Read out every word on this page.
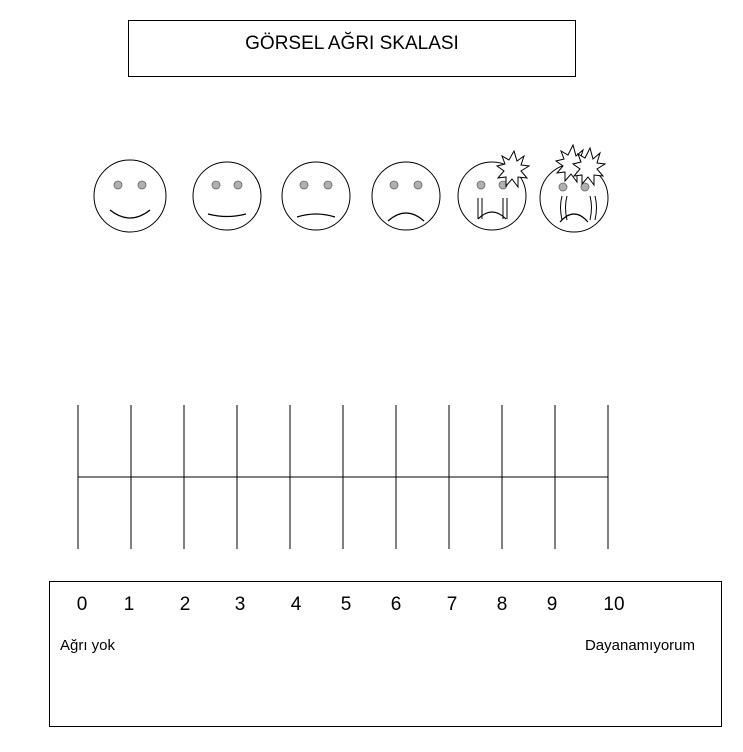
GÖRSEL AĞRI SKALASI
0 1 2 3 4 5 6 7 8 9 10
Ağrı yok	Dayanamıyorum
